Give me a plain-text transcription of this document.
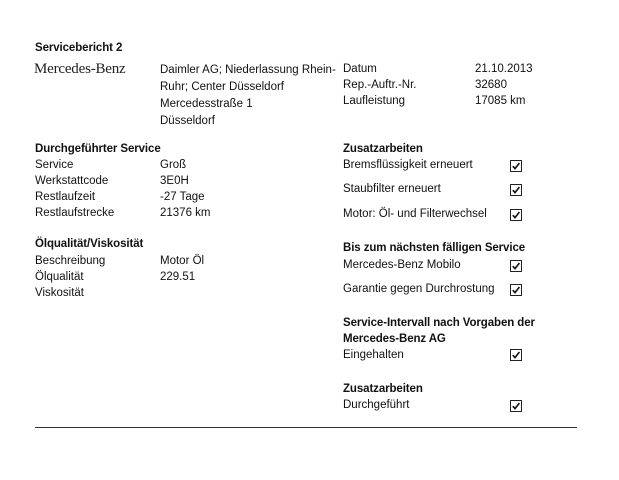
Servicebericht 2
Mercedes-Benz	Daimler AG; Niederlassung Rhein-
Ruhr; Center Düsseldorf
Mercedesstraße 1
Düsseldorf
Datum	21.10.2013
Rep.-Auftr.-Nr.	32680
Laufleistung	17085 km
Durchgeführter Service
Service	Groß
Werkstattcode	3E0H
Restlaufzeit	-27 Tage
Restlaufstrecke	21376 km
Ölqualität/Viskosität
Beschreibung	Motor Öl
Ölqualität	229.51
Viskosität
Zusatzarbeiten
Bremsflüssigkeit erneuert
Staubfilter erneuert
Motor: Öl- und Filterwechsel
Bis zum nächsten fälligen Service
Mercedes-Benz Mobilo
Garantie gegen Durchrostung
Service-Intervall nach Vorgaben der
Mercedes-Benz AG
Eingehalten
Zusatzarbeiten
Durchgeführt
